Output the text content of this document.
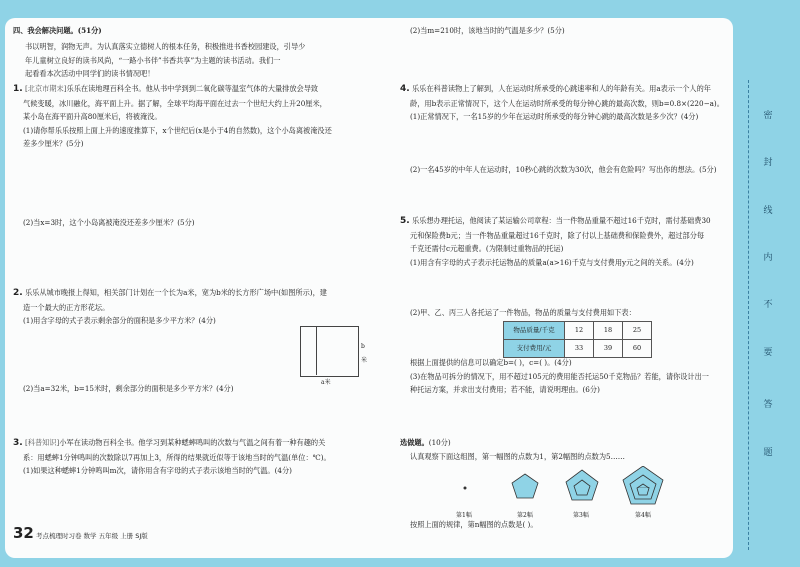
四、我会解决问题。(51分)

书以明智，润物无声。为认真落实立德树人的根本任务，积极推进书香校园建设，引导少

年儿童树立良好的读书风尚，“一路小书伴”书香共享”为主题的读书活动。我们一

起看看本次活动中同学们的读书情况吧！

1. [北京市期末]乐乐在读地理百科全书。他从书中学到到二氧化碳等温室气体的大量排放会导致

气候变暖，冰川融化，海平面上升。据了解，全球平均海平面在过去一个世纪大约上升20厘米，

某小岛在海平面升高80厘米后，将被淹没。

(1)请你帮乐乐按照上面上升的速度推算下，x个世纪后(x是小于4的自然数)，这个小岛离被淹没还

差多少厘米？(5分)

(2)当x=3时，这个小岛离被淹没还差多少厘米？(5分)

2. 乐乐从城市晚报上得知，相关部门计划在一个长为a米，宽为b米的长方形广场中(如图所示)，建

造一个最大的正方形花坛。

(1)用含字母的式子表示剩余部分的面积是多少平方米？(4分)

b米
a米

(2)当a=32米，b=15米时，剩余部分的面积是多少平方米？(4分)

3. [科普知识]小军在读动物百科全书。他学习到某种蟋蟀鸣叫的次数与气温之间有着一种有趣的关

系：用蟋蟀1分钟鸣叫的次数除以7再加上3，所得的结果就近似等于该地当时的气温(单位：℃)。

(1)如果这种蟋蟀1分钟鸣叫m次，请你用含有字母的式子表示该地当时的气温。(4分)

32 考点梳理时习卷 数学 五年级 上册 SJ版

(2)当m=210时，该地当时的气温是多少？(5分)

4. 乐乐在科普读物上了解到，人在运动时所承受的心跳速率和人的年龄有关。用a表示一个人的年

龄，用b表示正常情况下，这个人在运动时所承受的每分钟心跳的最高次数，则b=0.8×(220−a)。

(1)正常情况下，一名15岁的少年在运动时所承受的每分钟心跳的最高次数是多少次？(4分)

(2)一名45岁的中年人在运动时，10秒心跳的次数为30次，他会有危险吗？写出你的想法。(5分)

5. 乐乐想办理托运，他阅读了某运输公司章程：当一件物品重量不超过16千克时，需付基础费30

元和保险费b元；当一件物品重量超过16千克时，除了付以上基础费和保险费外，超过部分每

千克还需付c元超重费。(为限制过重物品的托运)

(1)用含有字母的式子表示托运物品的质量a(a>16)千克与支付费用y元之间的关系。(4分)

(2)甲、乙、丙三人各托运了一件物品，物品的质量与支付费用如下表：

物品质量/千克	12	18	25
支付费用/元	33	39	60

根据上面提供的信息可以确定b=( )，c=( )。(4分)

(3)在物品可拆分的情况下，用不超过105元的费用能否托运50千克物品？若能，请你设计出一

种托运方案，并求出支付费用；若不能，请说明理由。(6分)

选做题。(10分)

认真观察下面这组图，第一幅图的点数为1，第2幅图的点数为5……

……
第1幅	第2幅	第3幅	第4幅

按照上面的规律，第n幅图的点数是( )。

密
封
线
内
不
要
答
题
